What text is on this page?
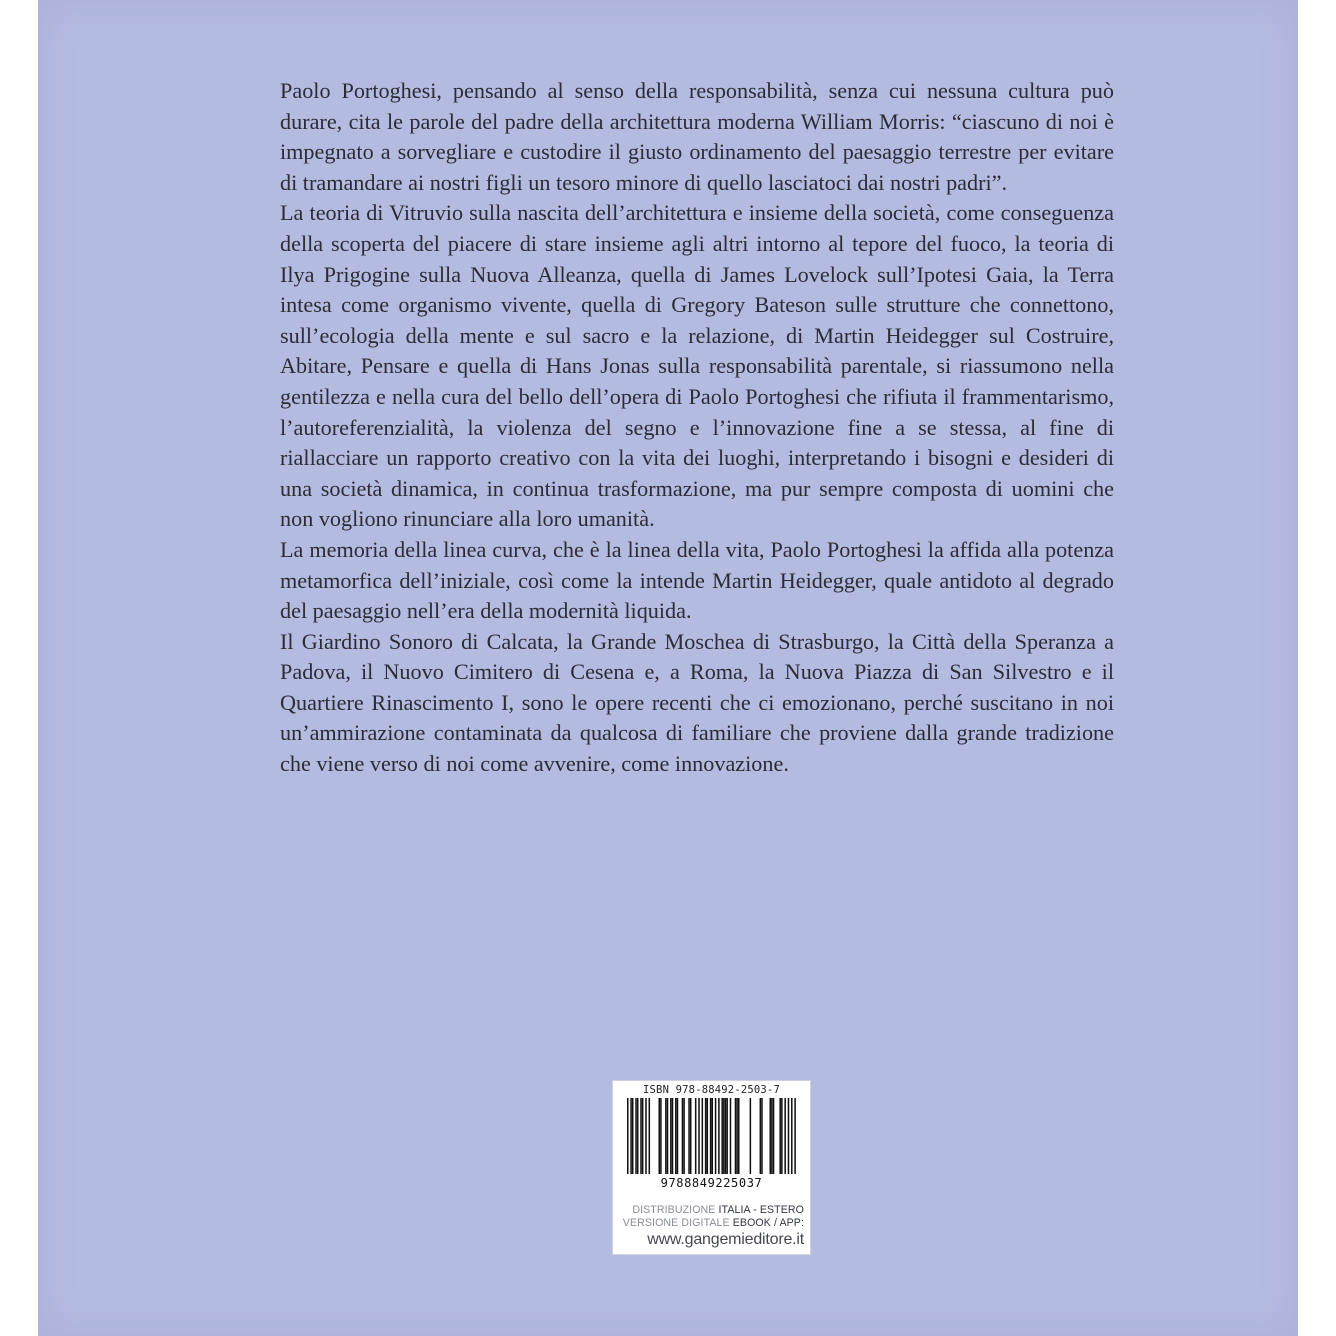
Paolo Portoghesi, pensando al senso della responsabilità, senza cui nessuna cultura può durare, cita le parole del padre della architettura moderna William Morris: “ciascuno di noi è impegnato a sorvegliare e custodire il giusto ordinamento del paesaggio terrestre per evitare di tramandare ai nostri figli un tesoro minore di quello lasciatoci dai nostri padri”.

La teoria di Vitruvio sulla nascita dell’architettura e insieme della società, come conseguenza della scoperta del piacere di stare insieme agli altri intorno al tepore del fuoco, la teoria di Ilya Prigogine sulla Nuova Alleanza, quella di James Lovelock sull’Ipotesi Gaia, la Terra intesa come organismo vivente, quella di Gregory Bateson sulle strutture che connettono, sull’ecologia della mente e sul sacro e la relazione, di Martin Heidegger sul Costruire, Abitare, Pensare e quella di Hans Jonas sulla responsabilità parentale, si riassumono nella gentilezza e nella cura del bello dell’opera di Paolo Portoghesi che rifiuta il frammentarismo, l’autoreferenzialità, la violenza del segno e l’innovazione fine a se stessa, al fine di riallacciare un rapporto creativo con la vita dei luoghi, interpretando i bisogni e desideri di una società dinamica, in continua trasformazione, ma pur sempre composta di uomini che non vogliono rinunciare alla loro umanità.

La memoria della linea curva, che è la linea della vita, Paolo Portoghesi la affida alla potenza metamorfica dell’iniziale, così come la intende Martin Heidegger, quale antidoto al degrado del paesaggio nell’era della modernità liquida.

Il Giardino Sonoro di Calcata, la Grande Moschea di Strasburgo, la Città della Speranza a Padova, il Nuovo Cimitero di Cesena e, a Roma, la Nuova Piazza di San Silvestro e il Quartiere Rinascimento I, sono le opere recenti che ci emozionano, perché suscitano in noi un’ammirazione contaminata da qualcosa di familiare che proviene dalla grande tradizione che viene verso di noi come avvenire, come innovazione.

ISBN 978-88492-2503-7
9788849225037
DISTRIBUZIONE ITALIA - ESTERO
VERSIONE DIGITALE EBOOK / APP:
www.gangemieditore.it
